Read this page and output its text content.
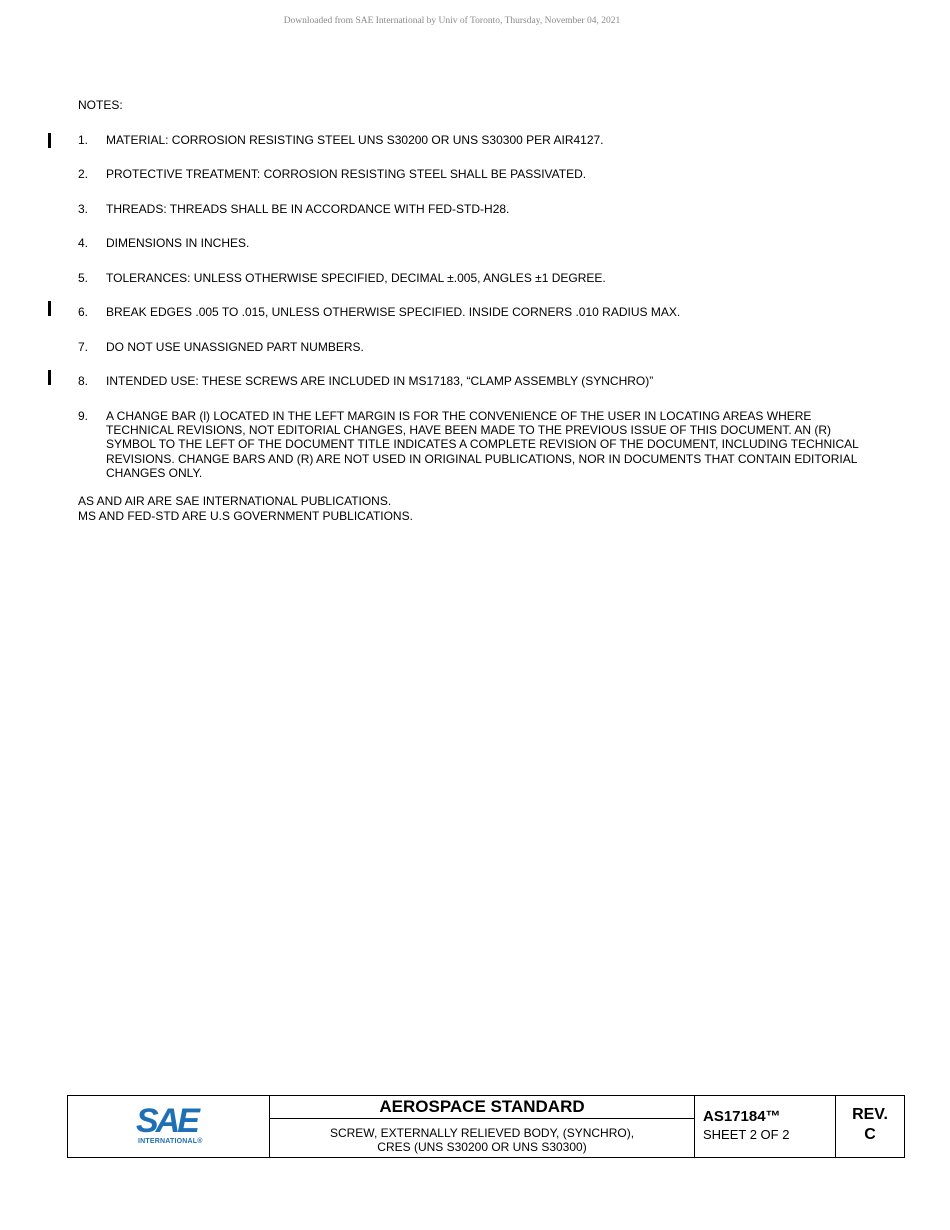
Downloaded from SAE International by Univ of Toronto, Thursday, November 04, 2021
NOTES:
1. MATERIAL: CORROSION RESISTING STEEL UNS S30200 OR UNS S30300 PER AIR4127.
2. PROTECTIVE TREATMENT: CORROSION RESISTING STEEL SHALL BE PASSIVATED.
3. THREADS: THREADS SHALL BE IN ACCORDANCE WITH FED-STD-H28.
4. DIMENSIONS IN INCHES.
5. TOLERANCES: UNLESS OTHERWISE SPECIFIED, DECIMAL ±.005, ANGLES ±1 DEGREE.
6. BREAK EDGES .005 TO .015, UNLESS OTHERWISE SPECIFIED. INSIDE CORNERS .010 RADIUS MAX.
7. DO NOT USE UNASSIGNED PART NUMBERS.
8. INTENDED USE: THESE SCREWS ARE INCLUDED IN MS17183, “CLAMP ASSEMBLY (SYNCHRO)”
9. A CHANGE BAR (l) LOCATED IN THE LEFT MARGIN IS FOR THE CONVENIENCE OF THE USER IN LOCATING AREAS WHERE TECHNICAL REVISIONS, NOT EDITORIAL CHANGES, HAVE BEEN MADE TO THE PREVIOUS ISSUE OF THIS DOCUMENT. AN (R) SYMBOL TO THE LEFT OF THE DOCUMENT TITLE INDICATES A COMPLETE REVISION OF THE DOCUMENT, INCLUDING TECHNICAL REVISIONS. CHANGE BARS AND (R) ARE NOT USED IN ORIGINAL PUBLICATIONS, NOR IN DOCUMENTS THAT CONTAIN EDITORIAL CHANGES ONLY.
AS AND AIR ARE SAE INTERNATIONAL PUBLICATIONS.
MS AND FED-STD ARE U.S GOVERNMENT PUBLICATIONS.
SAE
INTERNATIONAL®
AEROSPACE STANDARD
SCREW, EXTERNALLY RELIEVED BODY, (SYNCHRO),
CRES (UNS S30200 OR UNS S30300)
AS17184™
SHEET 2 OF 2
REV.
C
